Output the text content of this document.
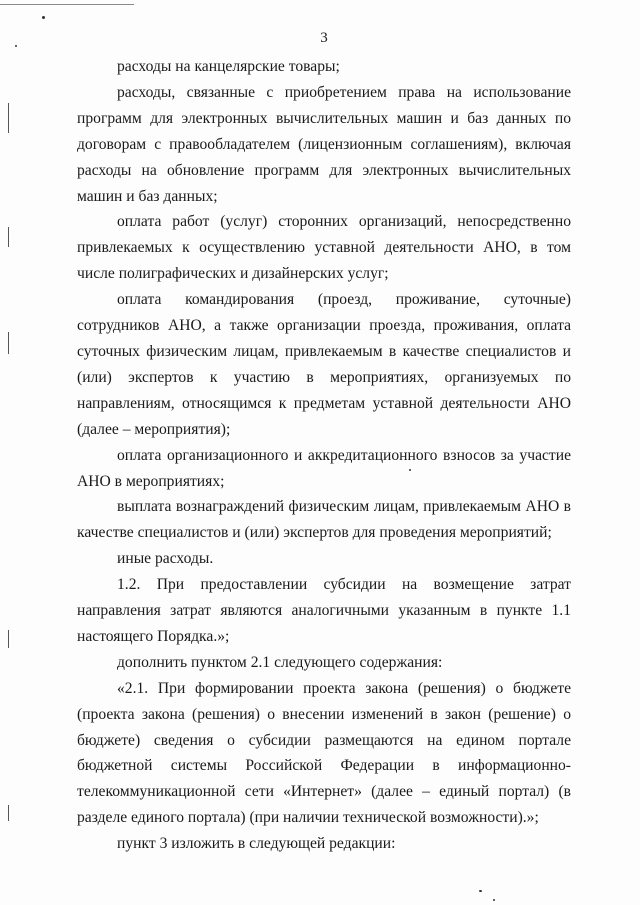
3

расходы на канцелярские товары;

расходы, связанные с приобретением права на использование программ для электронных вычислительных машин и баз данных по договорам с правообладателем (лицензионным соглашениям), включая расходы на обновление программ для электронных вычислительных машин и баз данных;

оплата работ (услуг) сторонних организаций, непосредственно привлекаемых к осуществлению уставной деятельности АНО, в том числе полиграфических и дизайнерских услуг;

оплата командирования (проезд, проживание, суточные) сотрудников АНО, а также организации проезда, проживания, оплата суточных физическим лицам, привлекаемым в качестве специалистов и (или) экспертов к участию в мероприятиях, организуемых по направлениям, относящимся к предметам уставной деятельности АНО (далее – мероприятия);

оплата организационного и аккредитационного взносов за участие АНО в мероприятиях;

выплата вознаграждений физическим лицам, привлекаемым АНО в качестве специалистов и (или) экспертов для проведения мероприятий;

иные расходы.

1.2. При предоставлении субсидии на возмещение затрат направления затрат являются аналогичными указанным в пункте 1.1 настоящего Порядка.»;

дополнить пунктом 2.1 следующего содержания:

«2.1. При формировании проекта закона (решения) о бюджете (проекта закона (решения) о внесении изменений в закон (решение) о бюджете) сведения о субсидии размещаются на едином портале бюджетной системы Российской Федерации в информационно-телекоммуникационной сети «Интернет» (далее – единый портал) (в разделе единого портала) (при наличии технической возможности).»;

пункт 3 изложить в следующей редакции:
